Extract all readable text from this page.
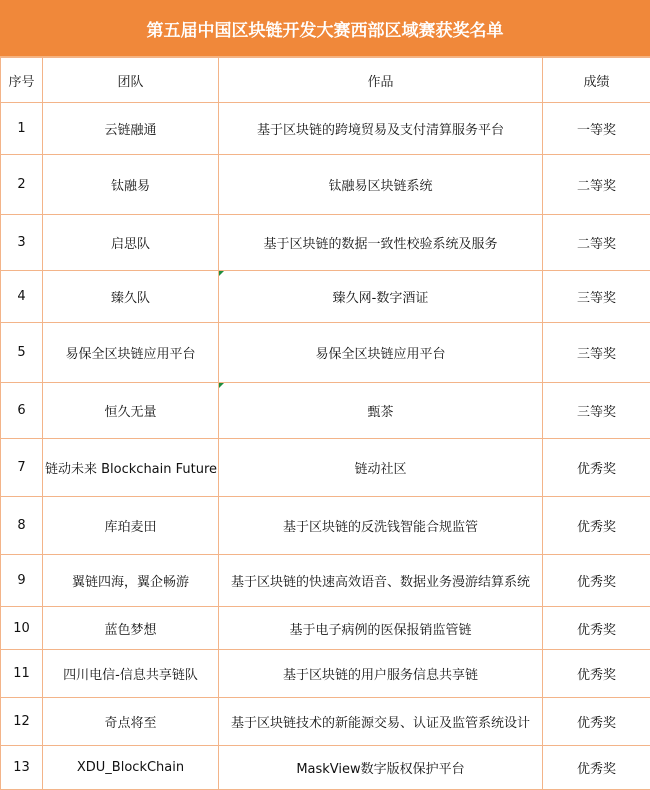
第五届中国区块链开发大赛西部区域赛获奖名单
序号	团队	作品	成绩
1	云链融通	基于区块链的跨境贸易及支付清算服务平台	一等奖
2	钛融易	钛融易区块链系统	二等奖
3	启思队	基于区块链的数据一致性校验系统及服务	二等奖
4	臻久队	臻久网-数字酒证	三等奖
5	易保全区块链应用平台	易保全区块链应用平台	三等奖
6	恒久无量	甄茶	三等奖
7	链动未来 Blockchain Future	链动社区	优秀奖
8	库珀麦田	基于区块链的反洗钱智能合规监管	优秀奖
9	翼链四海，翼企畅游	基于区块链的快速高效语音、数据业务漫游结算系统	优秀奖
10	蓝色梦想	基于电子病例的医保报销监管链	优秀奖
11	四川电信-信息共享链队	基于区块链的用户服务信息共享链	优秀奖
12	奇点将至	基于区块链技术的新能源交易、认证及监管系统设计	优秀奖
13	XDU_BlockChain	MaskView数字版权保护平台	优秀奖
